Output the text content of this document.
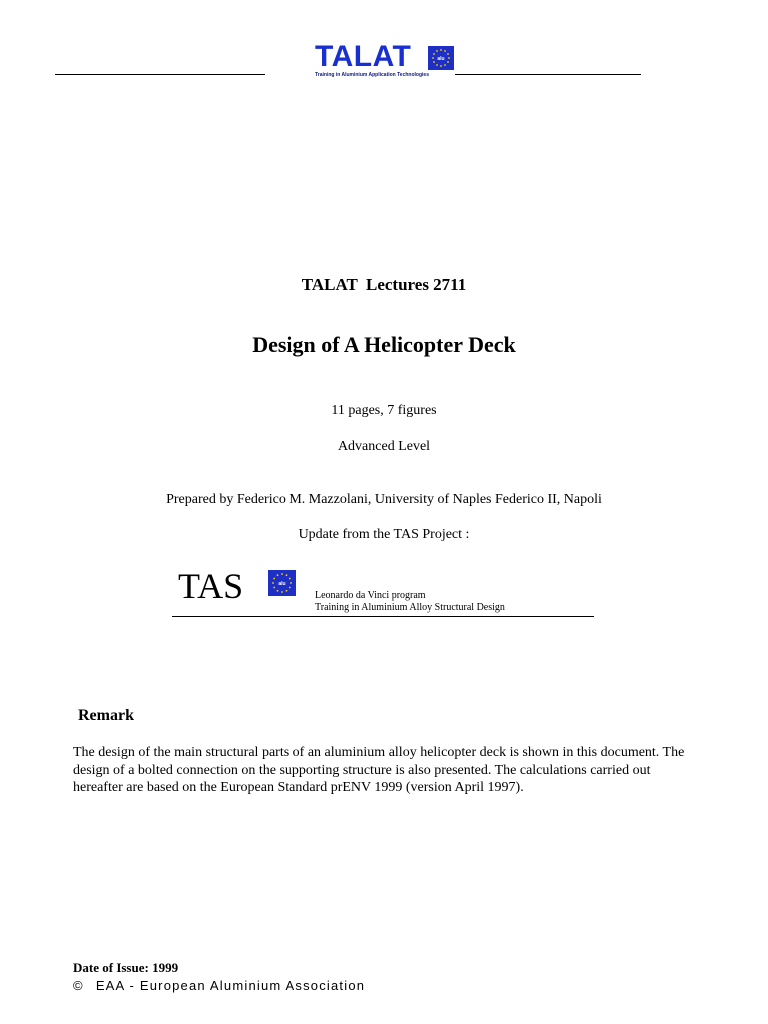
TALAT	alu
Training in Aluminium Application Technologies
TALAT  Lectures 2711
Design of A Helicopter Deck
11 pages, 7 figures
Advanced Level
Prepared by Federico M. Mazzolani, University of Naples Federico II, Napoli
Update from the TAS Project :
TAS	alu
Leonardo da Vinci program
Training in Aluminium Alloy Structural Design
Remark
The design of the main structural parts of an aluminium alloy helicopter deck is shown in this document. The design of a bolted connection on the supporting structure is also presented. The calculations carried out hereafter are based on the European Standard prENV 1999 (version April 1997).
Date of Issue: 1999
© EAA - European Aluminium Association
